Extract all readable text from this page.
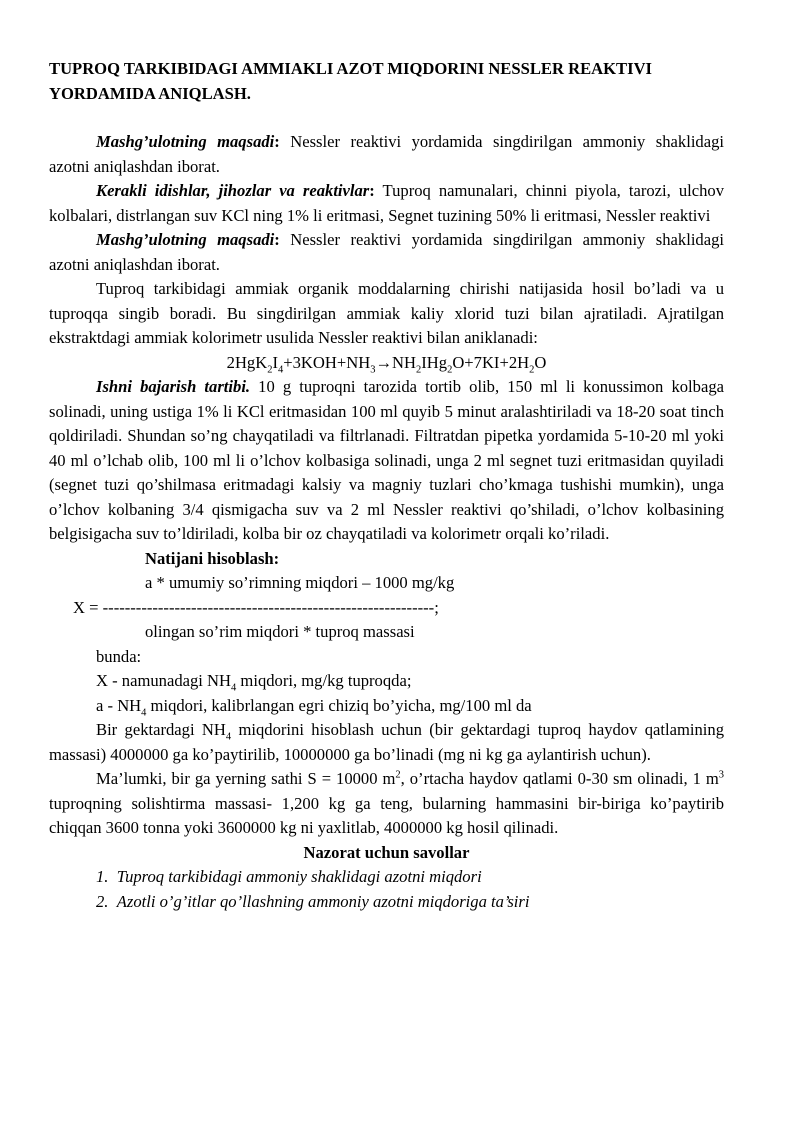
TUPROQ TARKIBIDAGI AMMIAKLI AZOT MIQDORINI NESSLER REAKTIVI YORDAMIDA ANIQLASH.

Mashg’ulotning maqsadi: Nessler reaktivi yordamida singdirilgan ammoniy shaklidagi azotni aniqlashdan iborat.

Kerakli idishlar, jihozlar va reaktivlar: Tuproq namunalari, chinni piyola, tarozi, ulchov kolbalari, distrlangan suv KCl ning 1% li eritmasi, Segnet tuzining 50% li eritmasi, Nessler reaktivi

Mashg’ulotning maqsadi: Nessler reaktivi yordamida singdirilgan ammoniy shaklidagi azotni aniqlashdan iborat.

Tuproq tarkibidagi ammiak organik moddalarning chirishi natijasida hosil bo’ladi va u tuproqqa singib boradi. Bu singdirilgan ammiak kaliy xlorid tuzi bilan ajratiladi. Ajratilgan ekstraktdagi ammiak kolorimetr usulida Nessler reaktivi bilan aniklanadi:

$2HgK_2I_4+3KOH+NH_3\to NH_2IHg_2O+7KI+2H_2O$

Ishni bajarish tartibi. 10 g tuproqni tarozida tortib olib, 150 ml li konussimon kolbaga solinadi, uning ustiga 1% li KCl eritmasidan 100 ml quyib 5 minut aralashtiriladi va 18-20 soat tinch qoldiriladi. Shundan so’ng chayqatiladi va filtrlanadi. Filtratdan pipetka yordamida 5-10-20 ml yoki 40 ml o’lchab olib, 100 ml li o’lchov kolbasiga solinadi, unga 2 ml segnet tuzi eritmasidan quyiladi (segnet tuzi qo’shilmasa eritmadagi kalsiy va magniy tuzlari cho’kmaga tushishi mumkin), unga o’lchov kolbaning 3/4 qismigacha suv va 2 ml Nessler reaktivi qo’shiladi, o’lchov kolbasining belgisigacha suv to’ldiriladi, kolba bir oz chayqatiladi va kolorimetr orqali ko’riladi.

Natijani hisoblash:

a * umumiy so’rimning miqdori – 1000 mg/kg

X = ------------------------------------------------------------;

olingan so’rim miqdori * tuproq massasi

bunda:

X - namunadagi $NH_4$ miqdori, mg/kg tuproqda;

a - $NH_4$ miqdori, kalibrlangan egri chiziq bo’yicha, mg/100 ml da

Bir gektardagi $NH_4$ miqdorini hisoblash uchun (bir gektardagi tuproq haydov qatlamining massasi) 4000000 ga ko’paytirilib, 10000000 ga bo’linadi (mg ni kg ga aylantirish uchun).

Ma’lumki, bir ga yerning sathi S = 10000 $m^2$, o’rtacha haydov qatlami 0-30 sm olinadi, 1 $m^3$ tuproqning solishtirma massasi- 1,200 kg ga teng, bularning hammasini bir-biriga ko’paytirib chiqqan 3600 tonna yoki 3600000 kg ni yaxlitlab, 4000000 kg hosil qilinadi.

Nazorat uchun savollar

1. Tuproq tarkibidagi ammoniy shaklidagi azotni miqdori

2. Azotli o’g’itlar qo’llashning ammoniy azotni miqdoriga ta’siri
